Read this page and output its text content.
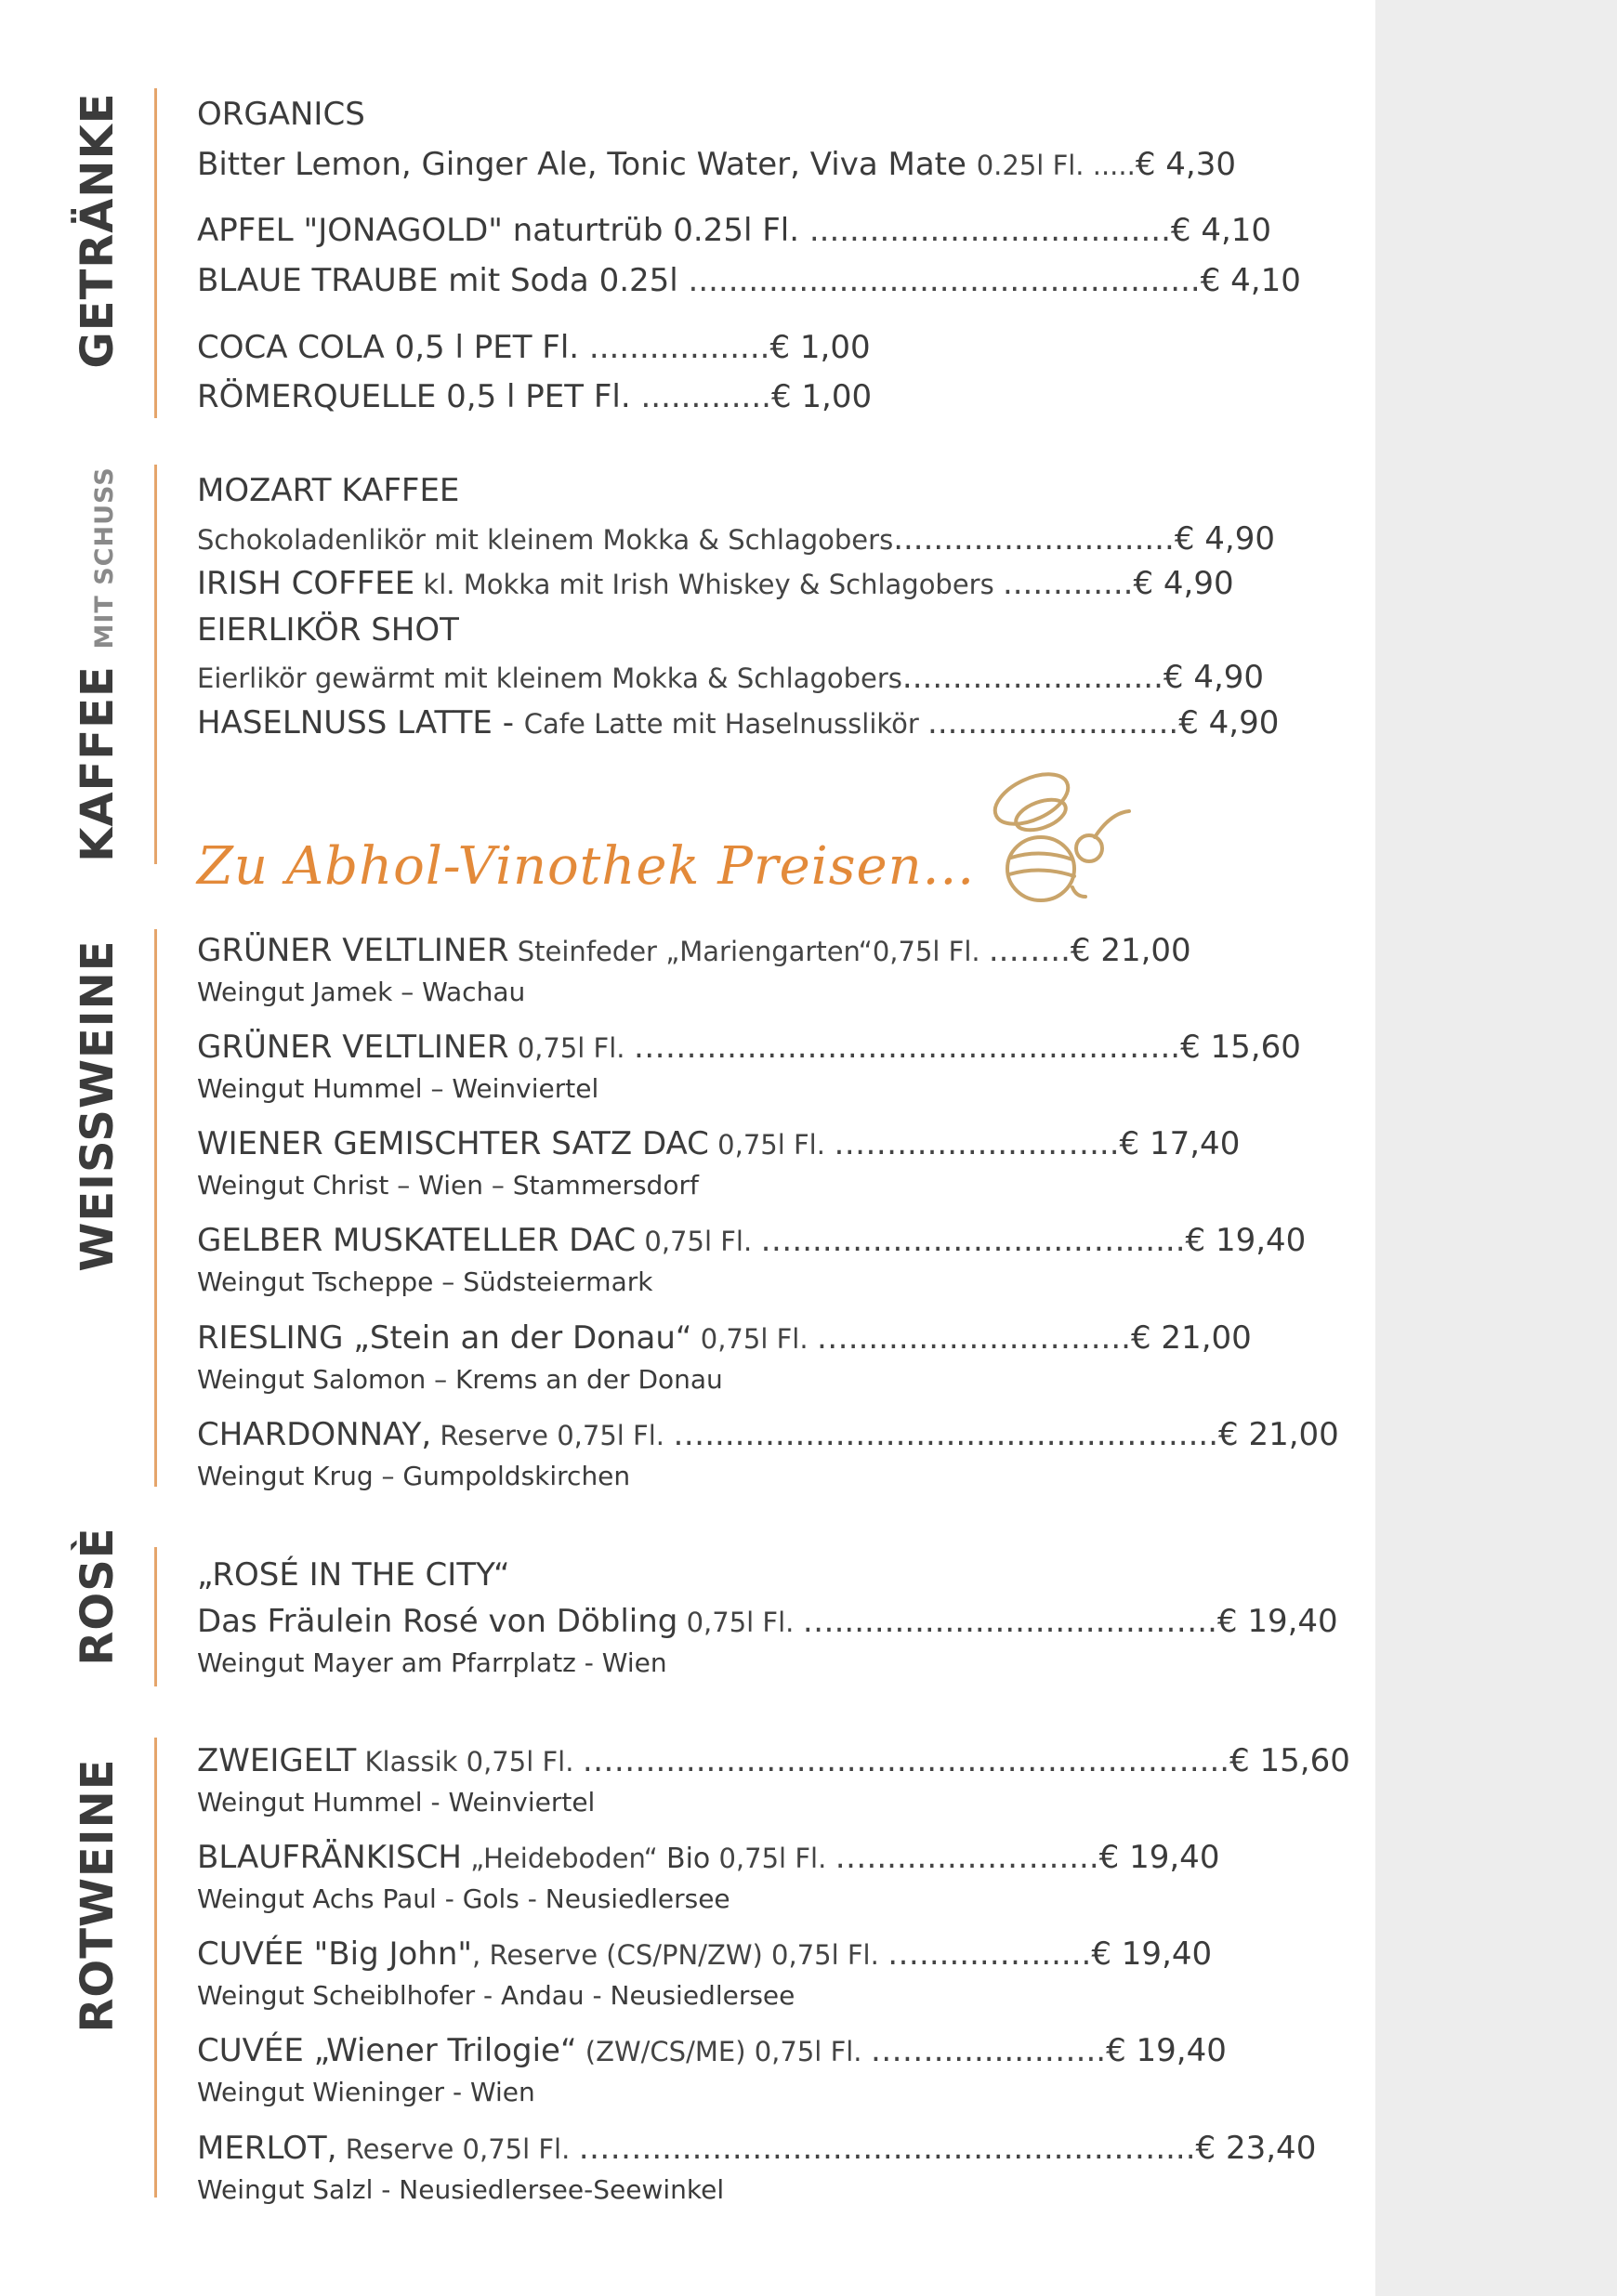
GETRÄNKE
KAFFEE MIT SCHUSS
WEISSWEINE
ROSÈ
ROTWEINE
ORGANICS
Bitter Lemon, Ginger Ale, Tonic Water, Viva Mate 0.25l Fl. .....€ 4,30
APFEL "JONAGOLD" naturtrüb 0.25l Fl. ....................................€ 4,10
BLAUE TRAUBE mit Soda 0.25l ...................................................€ 4,10
COCA COLA 0,5 l PET Fl. ..................€ 1,00
RÖMERQUELLE 0,5 l PET Fl. .............€ 1,00
MOZART KAFFEE
Schokoladenlikör mit kleinem Mokka & Schlagobers............................€ 4,90
IRISH COFFEE kl. Mokka mit Irish Whiskey & Schlagobers .............€ 4,90
EIERLIKÖR SHOT
Eierlikör gewärmt mit kleinem Mokka & Schlagobers..........................€ 4,90
HASELNUSS LATTE - Cafe Latte mit Haselnusslikör .........................€ 4,90
Zu Abhol-Vinothek Preisen...
GRÜNER VELTLINER Steinfeder „Mariengarten“0,75l Fl. ..…...€ 21,00
Weingut Jamek – Wachau
GRÜNER VELTLINER 0,75l Fl. ……..........................................…...€ 15,60
Weingut Hummel – Weinviertel
WIENER GEMISCHTER SATZ DAC 0,75l Fl. ……................…...€ 17,40
Weingut Christ – Wien – Stammersdorf
GELBER MUSKATELLER DAC 0,75l Fl. …..............................…......€ 19,40
Weingut Tscheppe – Südsteiermark
RIESLING „Stein an der Donau“ 0,75l Fl. …...................…......€ 21,00
Weingut Salomon – Krems an der Donau
CHARDONNAY, Reserve 0,75l Fl. …..........................................…......€ 21,00
Weingut Krug – Gumpoldskirchen
„ROSÉ IN THE CITY“
Das Fräulein Rosé von Döbling 0,75l Fl. ….................................…..€ 19,40
Weingut Mayer am Pfarrplatz - Wien
ZWEIGELT Klassik 0,75l Fl. ……...................................................…....€ 15,60
Weingut Hummel - Weinviertel
BLAUFRÄNKISCH „Heideboden“ Bio 0,75l Fl. …..............…......€ 19,40
Weingut Achs Paul - Gols - Neusiedlersee
CUVÉE "Big John", Reserve (CS/PN/ZW) 0,75l Fl. …........…......€ 19,40
Weingut Scheiblhofer - Andau - Neusiedlersee
CUVÉE „Wiener Trilogie“ (ZW/CS/ME) 0,75l Fl. ……...........…...€ 19,40
Weingut Wieninger - Wien
MERLOT, Reserve 0,75l Fl. ……................................................…....€ 23,40
Weingut Salzl - Neusiedlersee-Seewinkel
